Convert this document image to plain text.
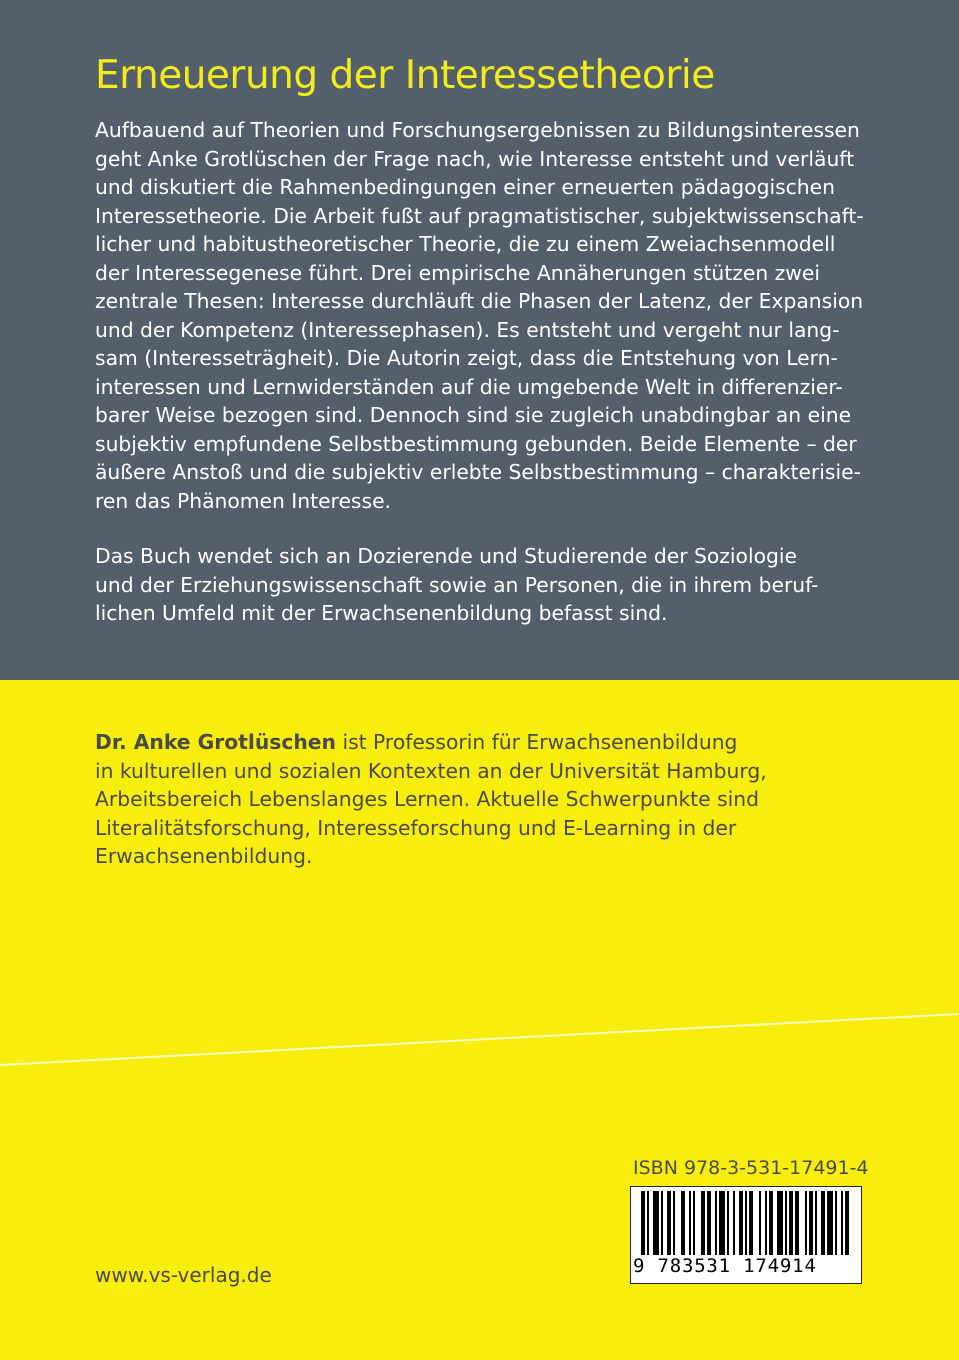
Erneuerung der Interessetheorie
Aufbauend auf Theorien und Forschungsergebnissen zu Bildungsinteressen
geht Anke Grotlüschen der Frage nach, wie Interesse entsteht und verläuft
und diskutiert die Rahmenbedingungen einer erneuerten pädagogischen
Interessetheorie. Die Arbeit fußt auf pragmatistischer, subjektwissenschaft-
licher und habitustheoretischer Theorie, die zu einem Zweiachsenmodell
der Interessegenese führt. Drei empirische Annäherungen stützen zwei
zentrale Thesen: Interesse durchläuft die Phasen der Latenz, der Expansion
und der Kompetenz (Interessephasen). Es entsteht und vergeht nur lang-
sam (Interesseträgheit). Die Autorin zeigt, dass die Entstehung von Lern-
interessen und Lernwiderständen auf die umgebende Welt in differenzier-
barer Weise bezogen sind. Dennoch sind sie zugleich unabdingbar an eine
subjektiv empfundene Selbstbestimmung gebunden. Beide Elemente – der
äußere Anstoß und die subjektiv erlebte Selbstbestimmung – charakterisie-
ren das Phänomen Interesse.
Das Buch wendet sich an Dozierende und Studierende der Soziologie
und der Erziehungswissenschaft sowie an Personen, die in ihrem beruf-
lichen Umfeld mit der Erwachsenenbildung befasst sind.
Dr. Anke Grotlüschen ist Professorin für Erwachsenenbildung
in kulturellen und sozialen Kontexten an der Universität Hamburg,
Arbeitsbereich Lebenslanges Lernen. Aktuelle Schwerpunkte sind
Literalitätsforschung, Interesseforschung und E-Learning in der
Erwachsenenbildung.
ISBN 978-3-531-17491-4
9 783531 174914
www.vs-verlag.de
